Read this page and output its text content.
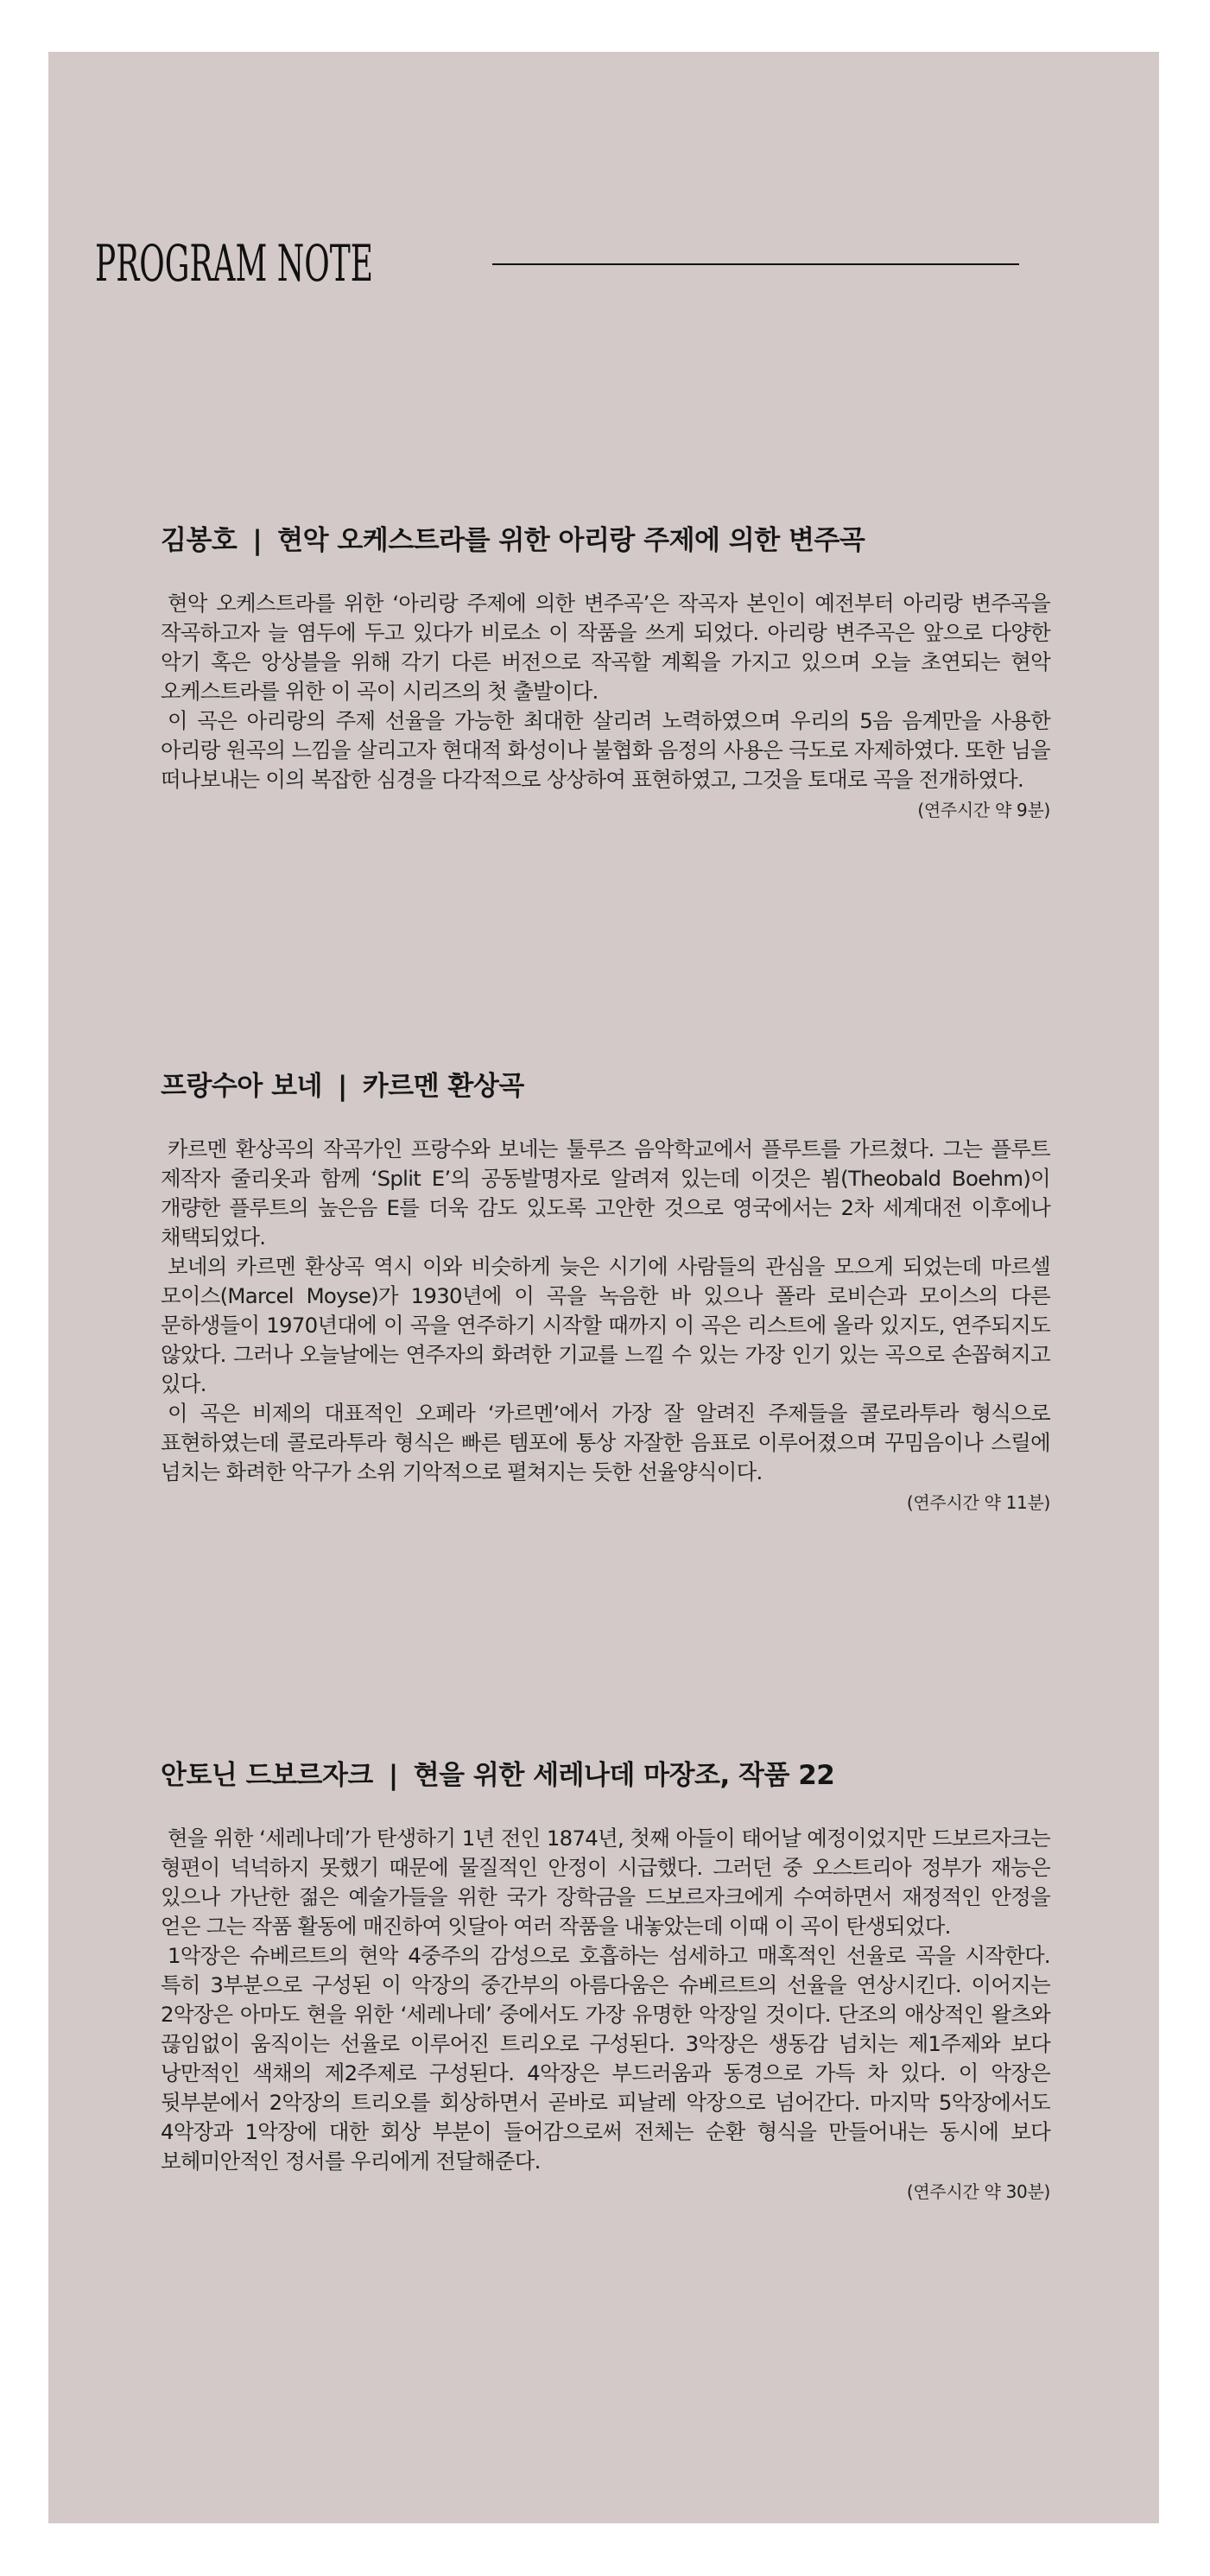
PROGRAM NOTE
김봉호 | 현악 오케스트라를 위한 아리랑 주제에 의한 변주곡

현악 오케스트라를 위한 ‘아리랑 주제에 의한 변주곡’은 작곡자 본인이 예전부터 아리랑 변주곡을 작곡하고자 늘 염두에 두고 있다가 비로소 이 작품을 쓰게 되었다. 아리랑 변주곡은 앞으로 다양한 악기 혹은 앙상블을 위해 각기 다른 버전으로 작곡할 계획을 가지고 있으며 오늘 초연되는 현악 오케스트라를 위한 이 곡이 시리즈의 첫 출발이다.

이 곡은 아리랑의 주제 선율을 가능한 최대한 살리려 노력하였으며 우리의 5음 음계만을 사용한 아리랑 원곡의 느낌을 살리고자 현대적 화성이나 불협화 음정의 사용은 극도로 자제하였다. 또한 님을 떠나보내는 이의 복잡한 심경을 다각적으로 상상하여 표현하였고, 그것을 토대로 곡을 전개하였다.

(연주시간 약 9분)
프랑수아 보네 | 카르멘 환상곡

카르멘 환상곡의 작곡가인 프랑수와 보네는 툴루즈 음악학교에서 플루트를 가르쳤다. 그는 플루트 제작자 줄리옷과 함께 ‘Split E’의 공동발명자로 알려져 있는데 이것은 뵘(Theobald Boehm)이 개량한 플루트의 높은음 E를 더욱 감도 있도록 고안한 것으로 영국에서는 2차 세계대전 이후에나 채택되었다.

보네의 카르멘 환상곡 역시 이와 비슷하게 늦은 시기에 사람들의 관심을 모으게 되었는데 마르셀 모이스(Marcel Moyse)가 1930년에 이 곡을 녹음한 바 있으나 폴라 로비슨과 모이스의 다른 문하생들이 1970년대에 이 곡을 연주하기 시작할 때까지 이 곡은 리스트에 올라 있지도, 연주되지도 않았다. 그러나 오늘날에는 연주자의 화려한 기교를 느낄 수 있는 가장 인기 있는 곡으로 손꼽혀지고 있다.

이 곡은 비제의 대표적인 오페라 ‘카르멘’에서 가장 잘 알려진 주제들을 콜로라투라 형식으로 표현하였는데 콜로라투라 형식은 빠른 템포에 통상 자잘한 음표로 이루어졌으며 꾸밈음이나 스릴에 넘치는 화려한 악구가 소위 기악적으로 펼쳐지는 듯한 선율양식이다.

(연주시간 약 11분)
안토닌 드보르자크 | 현을 위한 세레나데 마장조, 작품 22

현을 위한 ‘세레나데’가 탄생하기 1년 전인 1874년, 첫째 아들이 태어날 예정이었지만 드보르자크는 형편이 넉넉하지 못했기 때문에 물질적인 안정이 시급했다. 그러던 중 오스트리아 정부가 재능은 있으나 가난한 젊은 예술가들을 위한 국가 장학금을 드보르자크에게 수여하면서 재정적인 안정을 얻은 그는 작품 활동에 매진하여 잇달아 여러 작품을 내놓았는데 이때 이 곡이 탄생되었다.

1악장은 슈베르트의 현악 4중주의 감성으로 호흡하는 섬세하고 매혹적인 선율로 곡을 시작한다. 특히 3부분으로 구성된 이 악장의 중간부의 아름다움은 슈베르트의 선율을 연상시킨다. 이어지는 2악장은 아마도 현을 위한 ‘세레나데’ 중에서도 가장 유명한 악장일 것이다. 단조의 애상적인 왈츠와 끊임없이 움직이는 선율로 이루어진 트리오로 구성된다. 3악장은 생동감 넘치는 제1주제와 보다 낭만적인 색채의 제2주제로 구성된다. 4악장은 부드러움과 동경으로 가득 차 있다. 이 악장은 뒷부분에서 2악장의 트리오를 회상하면서 곧바로 피날레 악장으로 넘어간다. 마지막 5악장에서도 4악장과 1악장에 대한 회상 부분이 들어감으로써 전체는 순환 형식을 만들어내는 동시에 보다 보헤미안적인 정서를 우리에게 전달해준다.

(연주시간 약 30분)
